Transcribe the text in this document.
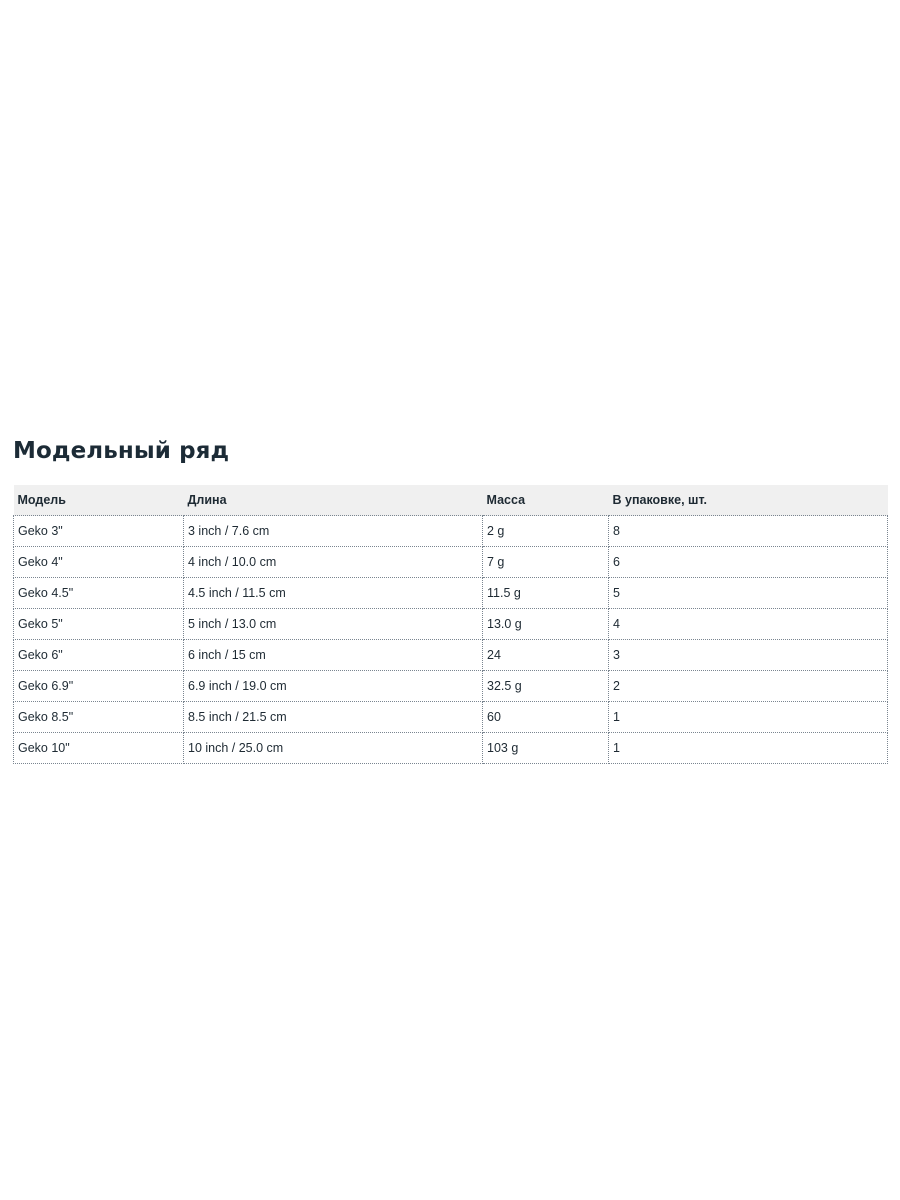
Модельный ряд
Модель	Длина	Масса	В упаковке, шт.
Geko 3"	3 inch / 7.6 cm	2 g	8
Geko 4"	4 inch / 10.0 cm	7 g	6
Geko 4.5"	4.5 inch / 11.5 cm	11.5 g	5
Geko 5"	5 inch / 13.0 cm	13.0 g	4
Geko 6"	6 inch / 15 cm	24	3
Geko 6.9"	6.9 inch / 19.0 cm	32.5 g	2
Geko 8.5"	8.5 inch / 21.5 cm	60	1
Geko 10"	10 inch / 25.0 cm	103 g	1
